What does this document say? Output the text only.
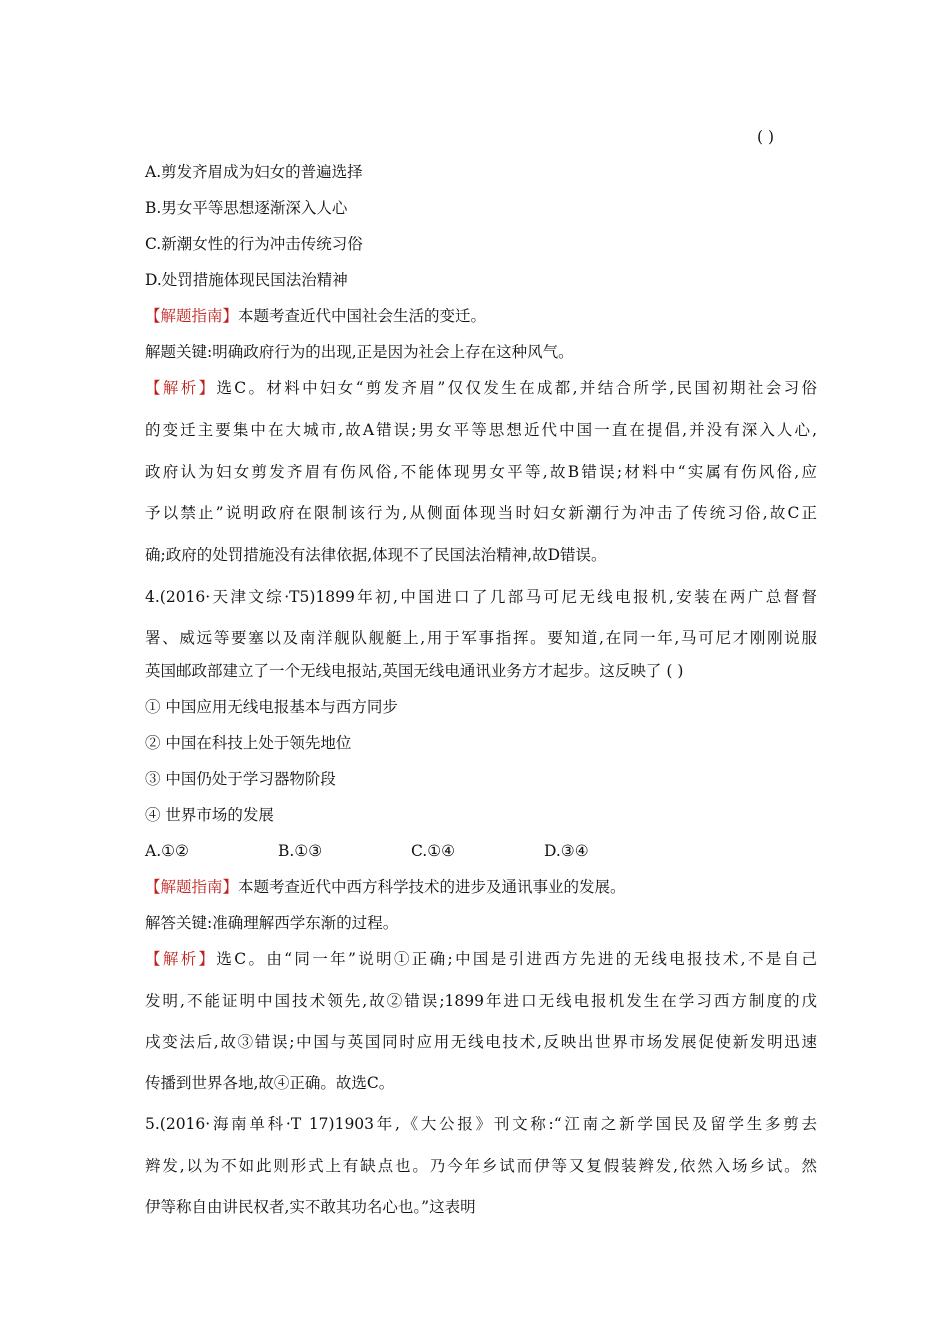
( )
A.剪发齐眉成为妇女的普遍选择
B.男女平等思想逐渐深入人心
C.新潮女性的行为冲击传统习俗
D.处罚措施体现民国法治精神
【解题指南】本题考查近代中国社会生活的变迁。
解题关键:明确政府行为的出现,正是因为社会上存在这种风气。
【解析】选C。材料中妇女“剪发齐眉”仅仅发生在成都,并结合所学,民国初期社会习俗
的变迁主要集中在大城市,故A错误;男女平等思想近代中国一直在提倡,并没有深入人心,
政府认为妇女剪发齐眉有伤风俗,不能体现男女平等,故B错误;材料中“实属有伤风俗,应
予以禁止”说明政府在限制该行为,从侧面体现当时妇女新潮行为冲击了传统习俗,故C正
确;政府的处罚措施没有法律依据,体现不了民国法治精神,故D错误。
4.(2016·天津文综·T5)1899年初,中国进口了几部马可尼无线电报机,安装在两广总督督
署、威远等要塞以及南洋舰队舰艇上,用于军事指挥。要知道,在同一年,马可尼才刚刚说服
英国邮政部建立了一个无线电报站,英国无线电通讯业务方才起步。这反映了 ( )
① 中国应用无线电报基本与西方同步
② 中国在科技上处于领先地位
③ 中国仍处于学习器物阶段
④ 世界市场的发展
A.①②	B.①③	C.①④	D.③④
【解题指南】本题考查近代中西方科学技术的进步及通讯事业的发展。
解答关键:准确理解西学东渐的过程。
【解析】选C。由“同一年”说明①正确;中国是引进西方先进的无线电报技术,不是自己
发明,不能证明中国技术领先,故②错误;1899年进口无线电报机发生在学习西方制度的戊
戌变法后,故③错误;中国与英国同时应用无线电技术,反映出世界市场发展促使新发明迅速
传播到世界各地,故④正确。故选C。
5.(2016·海南单科·T 17)1903年,《大公报》刊文称:“江南之新学国民及留学生多剪去
辫发,以为不如此则形式上有缺点也。乃今年乡试而伊等又复假装辫发,依然入场乡试。然
伊等称自由讲民权者,实不敢其功名心也。”这表明
